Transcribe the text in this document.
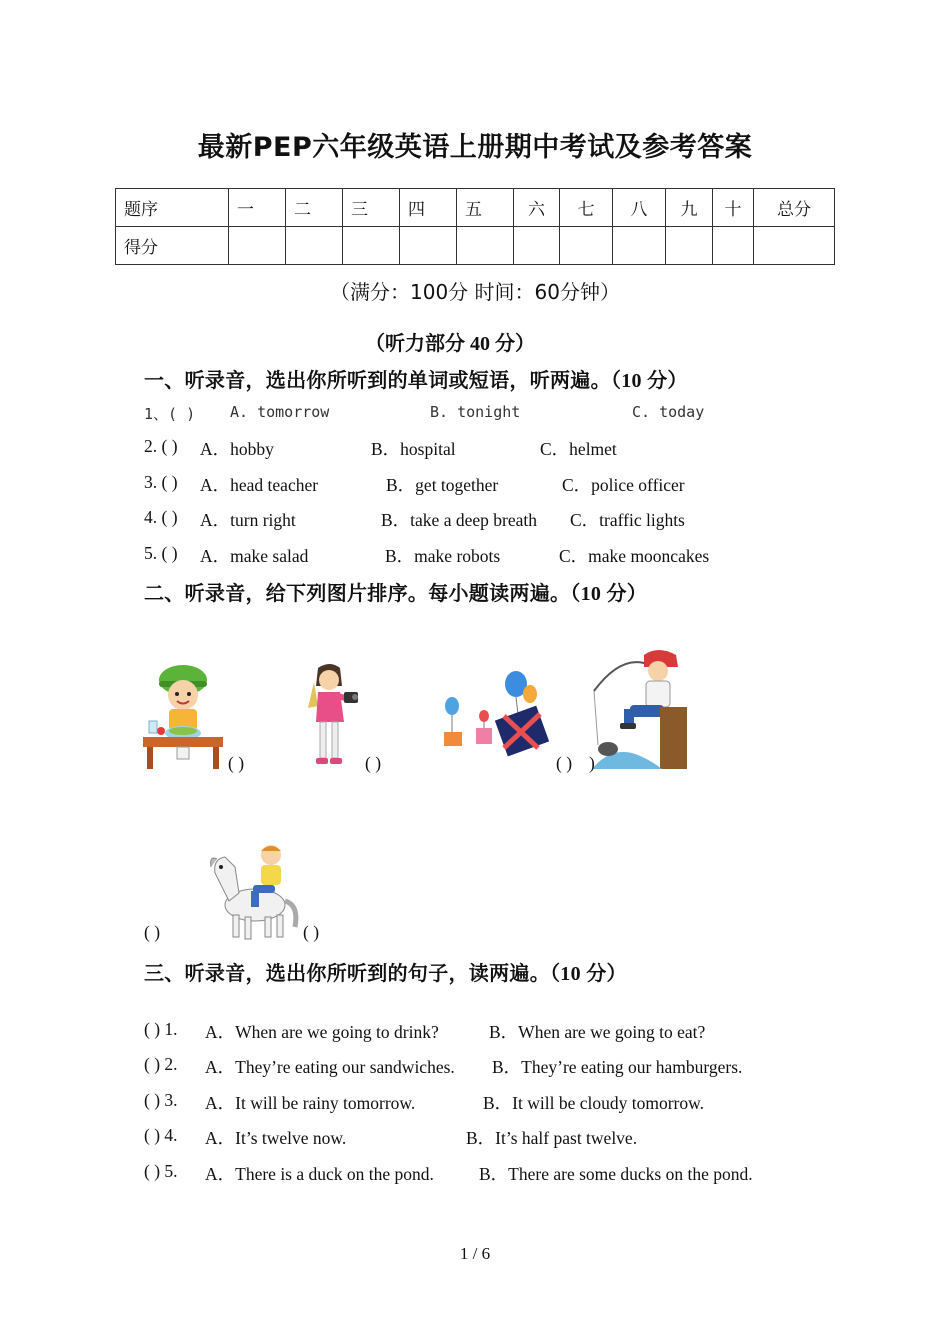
最新PEP六年级英语上册期中考试及参考答案
题序	一	二	三	四	五	六	七	八	九	十	总分
得分											
（满分：100分 时间：60分钟）
（听力部分 40 分）
一、听录音，选出你所听到的单词或短语，听两遍。（10 分）
1、( ) A. tomorrow	B. tonight	C. today
2. ( ) A．hobby	B．hospital	C．helmet
3. ( ) A．head teacher	B．get together	C．police officer
4. ( ) A．turn right	B．take a deep breath C．traffic lights
5. ( ) A．make salad	B．make robots	C．make mooncakes
二、听录音，给下列图片排序。每小题读两遍。（10 分）
( )	( )	( ) )
( )	( )
三、听录音，选出你所听到的句子，读两遍。（10 分）
( ) 1. A．When are we going to drink?	B．When are we going to eat?
( ) 2. A．They’re eating our sandwiches. B．They’re eating our hamburgers.
( ) 3. A．It will be rainy tomorrow.	B．It will be cloudy tomorrow.
( ) 4. A．It’s twelve now.	B．It’s half past twelve.
( ) 5. A．There is a duck on the pond.	B．There are some ducks on the pond.
1 / 6
